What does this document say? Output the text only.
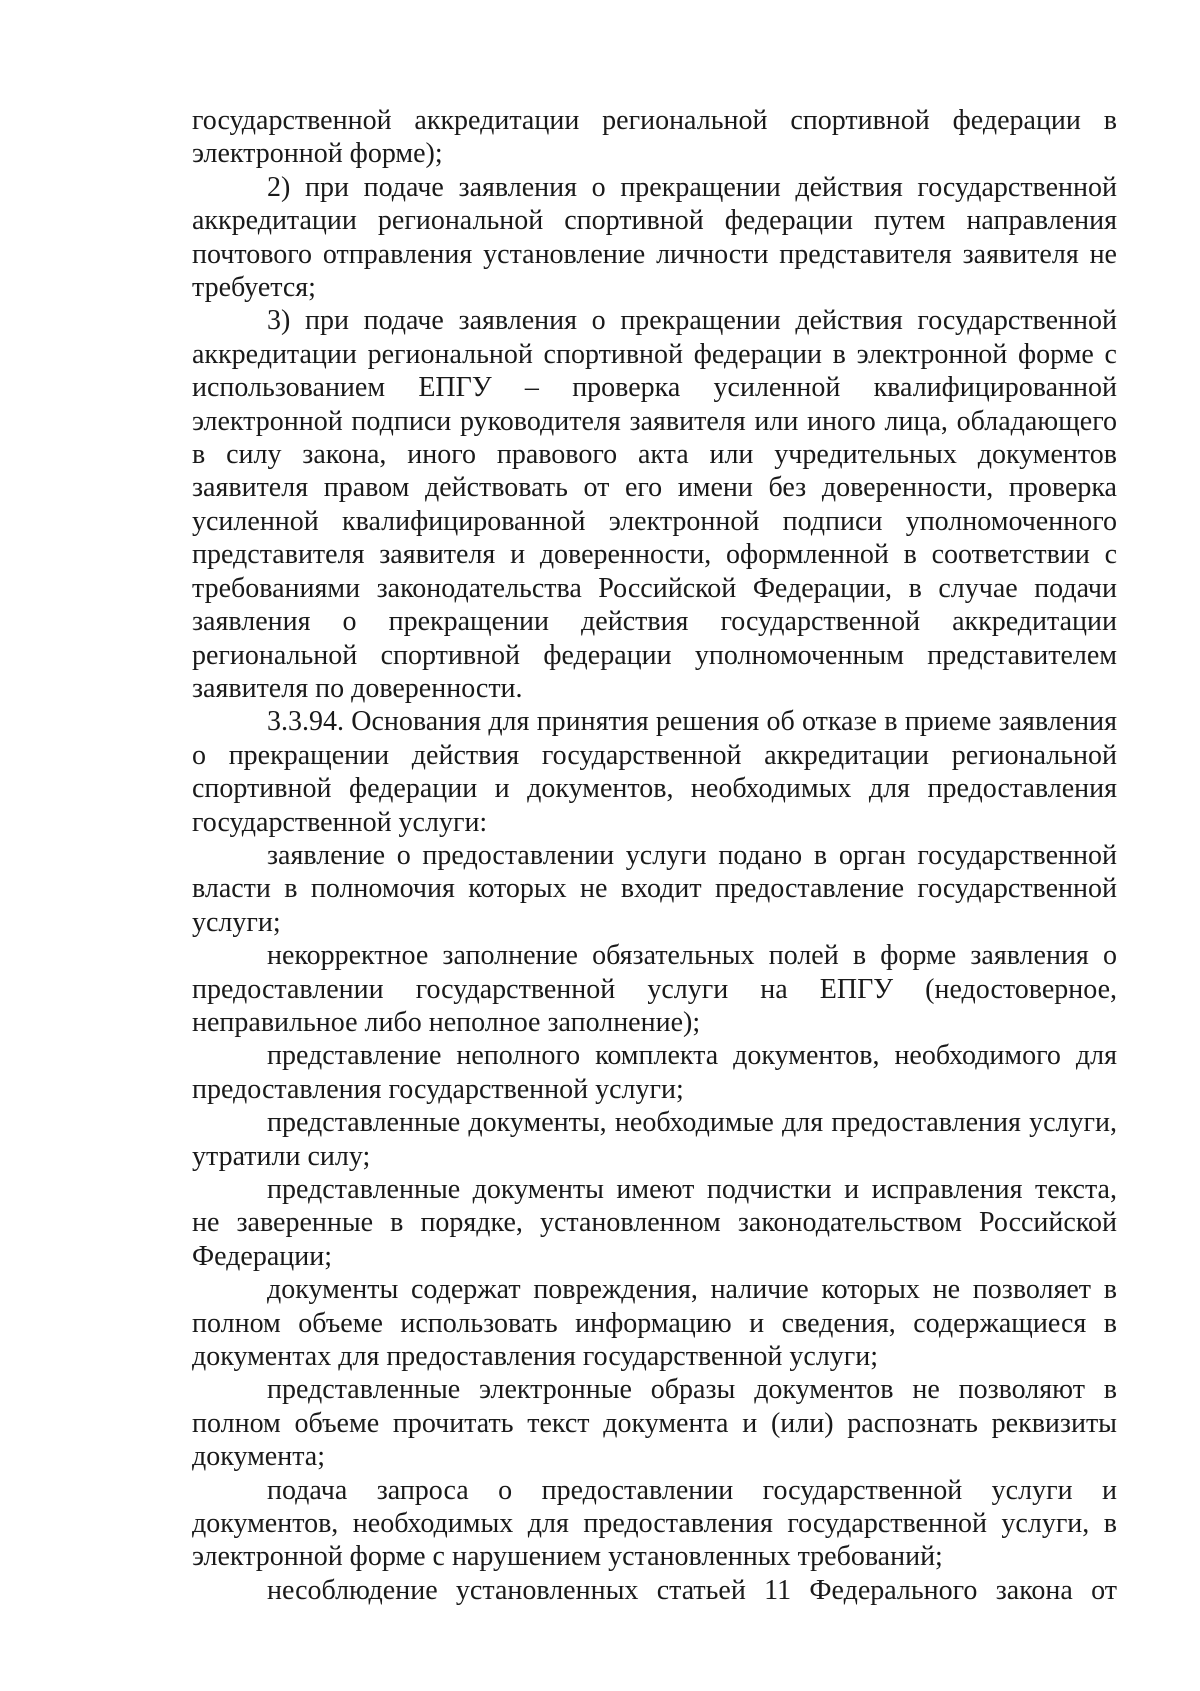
государственной аккредитации региональной спортивной федерации в электронной форме);

2) при подаче заявления о прекращении действия государственной аккредитации региональной спортивной федерации путем направления почтового отправления установление личности представителя заявителя не требуется;

3) при подаче заявления о прекращении действия государственной аккредитации региональной спортивной федерации в электронной форме с использованием ЕПГУ – проверка усиленной квалифицированной электронной подписи руководителя заявителя или иного лица, обладающего в силу закона, иного правового акта или учредительных документов заявителя правом действовать от его имени без доверенности, проверка усиленной квалифицированной электронной подписи уполномоченного представителя заявителя и доверенности, оформленной в соответствии с требованиями законодательства Российской Федерации, в случае подачи заявления о прекращении действия государственной аккредитации региональной спортивной федерации уполномоченным представителем заявителя по доверенности.

3.3.94. Основания для принятия решения об отказе в приеме заявления о прекращении действия государственной аккредитации региональной спортивной федерации и документов, необходимых для предоставления государственной услуги:

заявление о предоставлении услуги подано в орган государственной власти в полномочия которых не входит предоставление государственной услуги;

некорректное заполнение обязательных полей в форме заявления о предоставлении государственной услуги на ЕПГУ (недостоверное, неправильное либо неполное заполнение);

представление неполного комплекта документов, необходимого для предоставления государственной услуги;

представленные документы, необходимые для предоставления услуги, утратили силу;

представленные документы имеют подчистки и исправления текста, не заверенные в порядке, установленном законодательством Российской Федерации;

документы содержат повреждения, наличие которых не позволяет в полном объеме использовать информацию и сведения, содержащиеся в документах для предоставления государственной услуги;

представленные электронные образы документов не позволяют в полном объеме прочитать текст документа и (или) распознать реквизиты документа;

подача запроса о предоставлении государственной услуги и документов, необходимых для предоставления государственной услуги, в электронной форме с нарушением установленных требований;

несоблюдение установленных статьей 11 Федерального закона от
